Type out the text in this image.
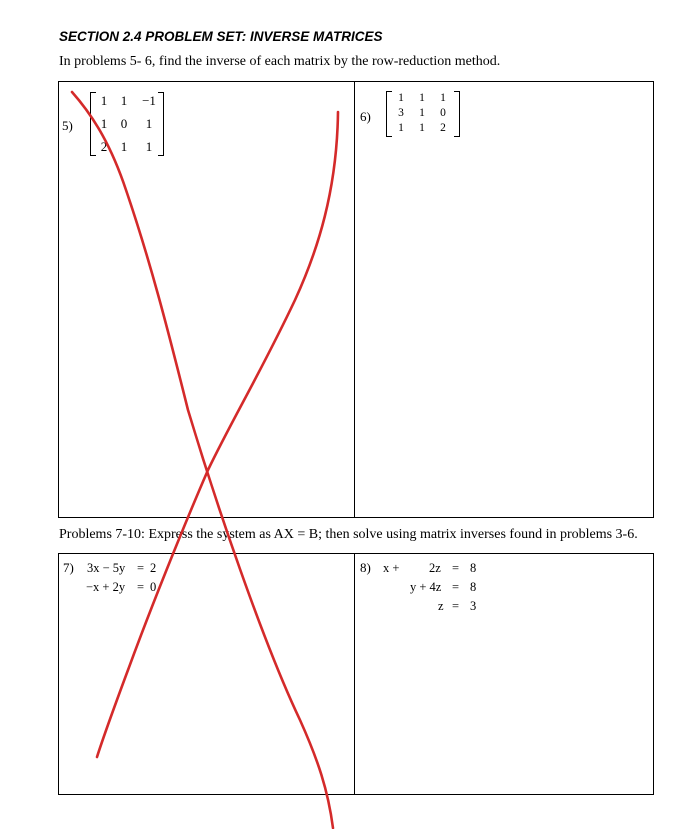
SECTION 2.4 PROBLEM SET: INVERSE MATRICES
In problems 5- 6, find the inverse of each matrix by the row-reduction method.
5)
1	1	−1
1	0	1
2	1	1
6)
1	1	1
3	1	0
1	1	2
Problems 7-10: Express the system as AX = B; then solve using matrix inverses found in problems 3-6.
7) 3x − 5y = 2
−x + 2y = 0
8) x + 2z = 8
y + 4z = 8
z = 3
